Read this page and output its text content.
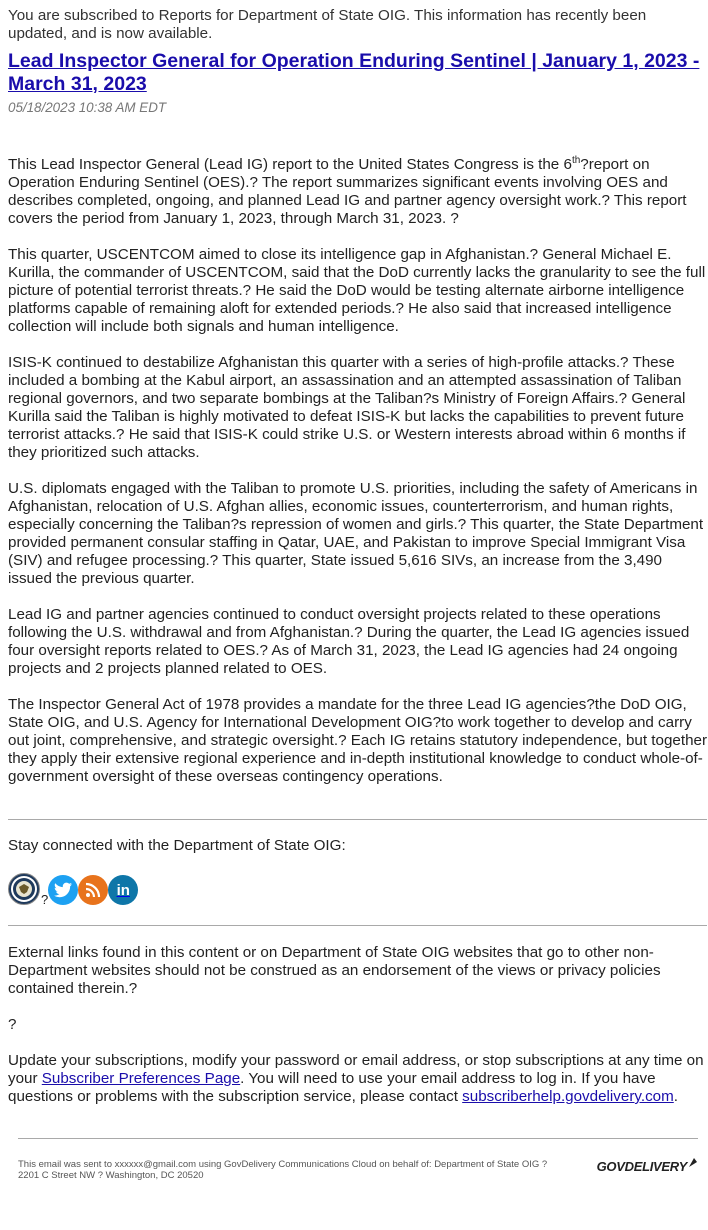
You are subscribed to Reports for Department of State OIG. This information has recently been updated, and is now available.

Lead Inspector General for Operation Enduring Sentinel | January 1, 2023 - March 31, 2023
05/18/2023 10:38 AM EDT

This Lead Inspector General (Lead IG) report to the United States Congress is the 6th?report on Operation Enduring Sentinel (OES).? The report summarizes significant events involving OES and describes completed, ongoing, and planned Lead IG and partner agency oversight work.? This report covers the period from January 1, 2023, through March 31, 2023. ?

This quarter, USCENTCOM aimed to close its intelligence gap in Afghanistan.? General Michael E. Kurilla, the commander of USCENTCOM, said that the DoD currently lacks the granularity to see the full picture of potential terrorist threats.? He said the DoD would be testing alternate airborne intelligence platforms capable of remaining aloft for extended periods.? He also said that increased intelligence collection will include both signals and human intelligence.

ISIS-K continued to destabilize Afghanistan this quarter with a series of high-profile attacks.? These included a bombing at the Kabul airport, an assassination and an attempted assassination of Taliban regional governors, and two separate bombings at the Taliban?s Ministry of Foreign Affairs.? General Kurilla said the Taliban is highly motivated to defeat ISIS-K but lacks the capabilities to prevent future terrorist attacks.? He said that ISIS-K could strike U.S. or Western interests abroad within 6 months if they prioritized such attacks.

U.S. diplomats engaged with the Taliban to promote U.S. priorities, including the safety of Americans in Afghanistan, relocation of U.S. Afghan allies, economic issues, counterterrorism, and human rights, especially concerning the Taliban?s repression of women and girls.? This quarter, the State Department provided permanent consular staffing in Qatar, UAE, and Pakistan to improve Special Immigrant Visa (SIV) and refugee processing.? This quarter, State issued 5,616 SIVs, an increase from the 3,490 issued the previous quarter.

Lead IG and partner agencies continued to conduct oversight projects related to these operations following the U.S. withdrawal and from Afghanistan.? During the quarter, the Lead IG agencies issued four oversight reports related to OES.? As of March 31, 2023, the Lead IG agencies had 24 ongoing projects and 2 projects planned related to OES.

The Inspector General Act of 1978 provides a mandate for the three Lead IG agencies?the DoD OIG, State OIG, and U.S. Agency for International Development OIG?to work together to develop and carry out joint, comprehensive, and strategic oversight.? Each IG retains statutory independence, but together they apply their extensive regional experience and in-depth institutional knowledge to conduct whole-of-government oversight of these overseas contingency operations.

Stay connected with the Department of State OIG:

?
in

External links found in this content or on Department of State OIG websites that go to other non-Department websites should not be construed as an endorsement of the views or privacy policies contained therein.?

?

Update your subscriptions, modify your password or email address, or stop subscriptions at any time on your Subscriber Preferences Page. You will need to use your email address to log in. If you have questions or problems with the subscription service, please contact subscriberhelp.govdelivery.com.

This email was sent to xxxxxx@gmail.com using GovDelivery Communications Cloud on behalf of: Department of State OIG ?
2201 C Street NW ? Washington, DC 20520
GOVDELIVERY
